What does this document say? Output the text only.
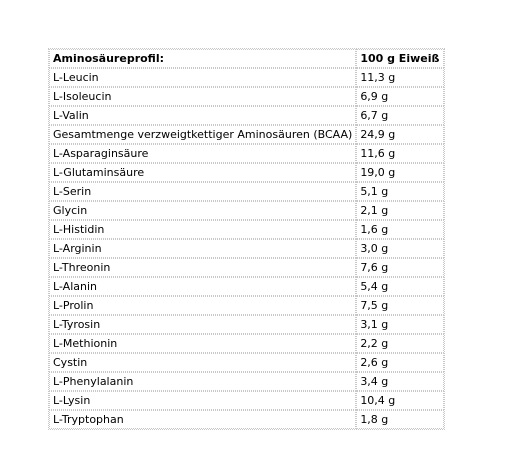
Aminosäureprofil:	100 g Eiweiß
L-Leucin	11,3 g
L-Isoleucin	6,9 g
L-Valin	6,7 g
Gesamtmenge verzweigtkettiger Aminosäuren (BCAA)	24,9 g
L-Asparaginsäure	11,6 g
L-Glutaminsäure	19,0 g
L-Serin	5,1 g
Glycin	2,1 g
L-Histidin	1,6 g
L-Arginin	3,0 g
L-Threonin	7,6 g
L-Alanin	5,4 g
L-Prolin	7,5 g
L-Tyrosin	3,1 g
L-Methionin	2,2 g
Cystin	2,6 g
L-Phenylalanin	3,4 g
L-Lysin	10,4 g
L-Tryptophan	1,8 g
